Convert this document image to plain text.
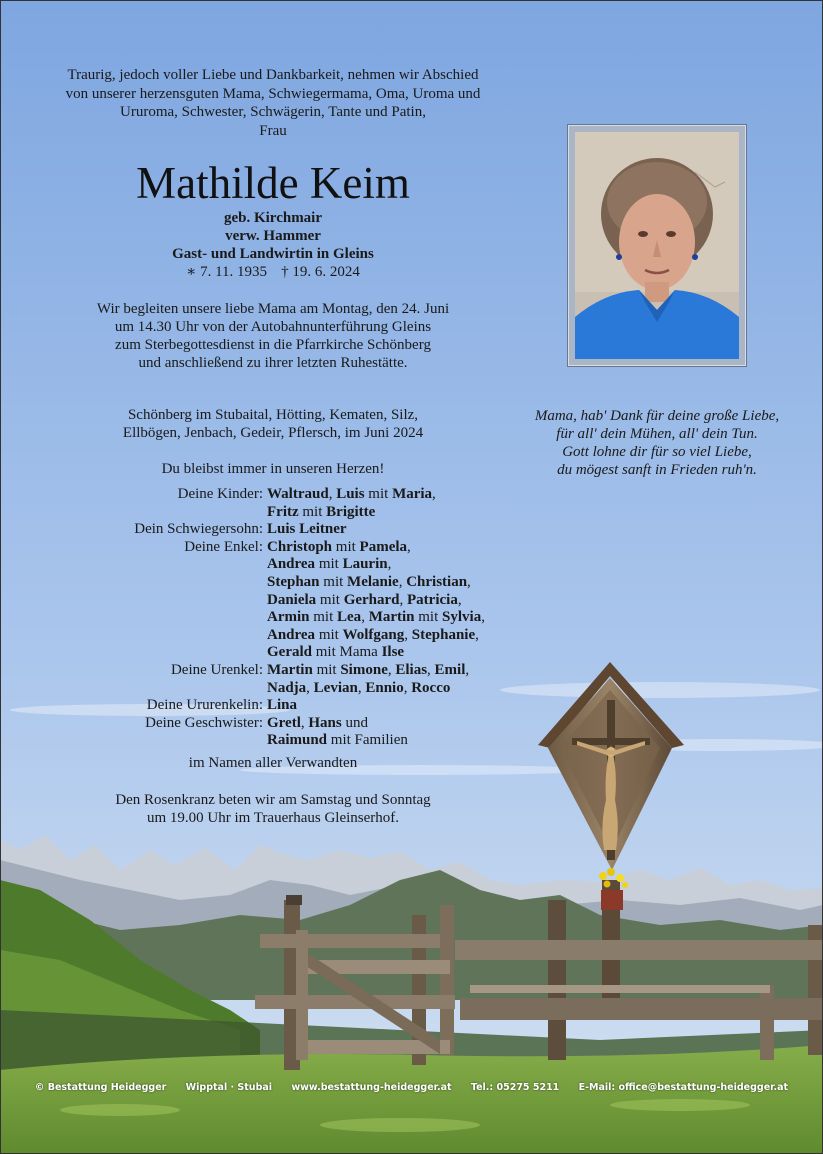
Traurig, jedoch voller Liebe und Dankbarkeit, nehmen wir Abschied
von unserer herzensguten Mama, Schwiegermama, Oma, Uroma und
Ururoma, Schwester, Schwägerin, Tante und Patin,
Frau
Mathilde Keim
geb. Kirchmair
verw. Hammer
Gast- und Landwirtin in Gleins
∗ 7. 11. 1935 † 19. 6. 2024
Wir begleiten unsere liebe Mama am Montag, den 24. Juni
um 14.30 Uhr von der Autobahnunterführung Gleins
zum Sterbegottesdienst in die Pfarrkirche Schönberg
und anschließend zu ihrer letzten Ruhestätte.
Schönberg im Stubaital, Hötting, Kematen, Silz,
Ellbögen, Jenbach, Gedeir, Pflersch, im Juni 2024
Du bleibst immer in unseren Herzen!
Deine Kinder: Waltraud, Luis mit Maria,
Fritz mit Brigitte
Dein Schwiegersohn: Luis Leitner
Deine Enkel: Christoph mit Pamela,
Andrea mit Laurin,
Stephan mit Melanie, Christian,
Daniela mit Gerhard, Patricia,
Armin mit Lea, Martin mit Sylvia,
Andrea mit Wolfgang, Stephanie,
Gerald mit Mama Ilse
Deine Urenkel: Martin mit Simone, Elias, Emil,
Nadja, Levian, Ennio, Rocco
Deine Ururenkelin: Lina
Deine Geschwister: Gretl, Hans und
Raimund mit Familien
im Namen aller Verwandten
Den Rosenkranz beten wir am Samstag und Sonntag
um 19.00 Uhr im Trauerhaus Gleinserhof.
Mama, hab' Dank für deine große Liebe,
für all' dein Mühen, all' dein Tun.
Gott lohne dir für so viel Liebe,
du mögest sanft in Frieden ruh'n.
© Bestattung Heidegger Wipptal · Stubai www.bestattung-heidegger.at Tel.: 05275 5211 E-Mail: office@bestattung-heidegger.at
